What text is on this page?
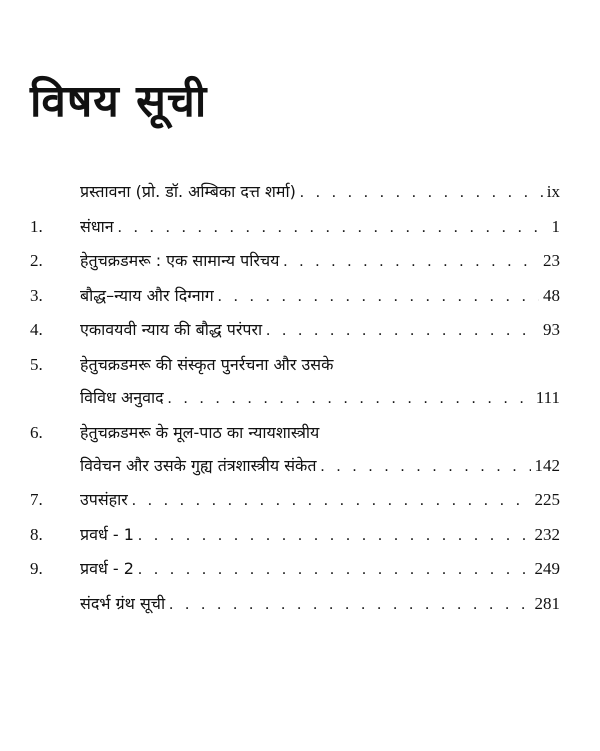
विषय सूची
प्रस्तावना (प्रो. डॉ. अम्बिका दत्त शर्मा) . . .	ix
1.	संधान . . .	1
2.	हेतुचक्रडमरू : एक सामान्य परिचय . . .	23
3.	बौद्ध–न्याय और दिग्नाग . . .	48
4.	एकावयवी न्याय की बौद्ध परंपरा . . .	93
5.	हेतुचक्रडमरू की संस्कृत पुनर्रचना और उसके
विविध अनुवाद . . .	111
6.	हेतुचक्रडमरू के मूल-पाठ का न्यायशास्त्रीय
विवेचन और उसके गुह्य तंत्रशास्त्रीय संकेत . . .	142
7.	उपसंहार . . .	225
8.	प्रवर्ध - 1 . . .	232
9.	प्रवर्ध - 2 . . .	249
संदर्भ ग्रंथ सूची . . .	281
